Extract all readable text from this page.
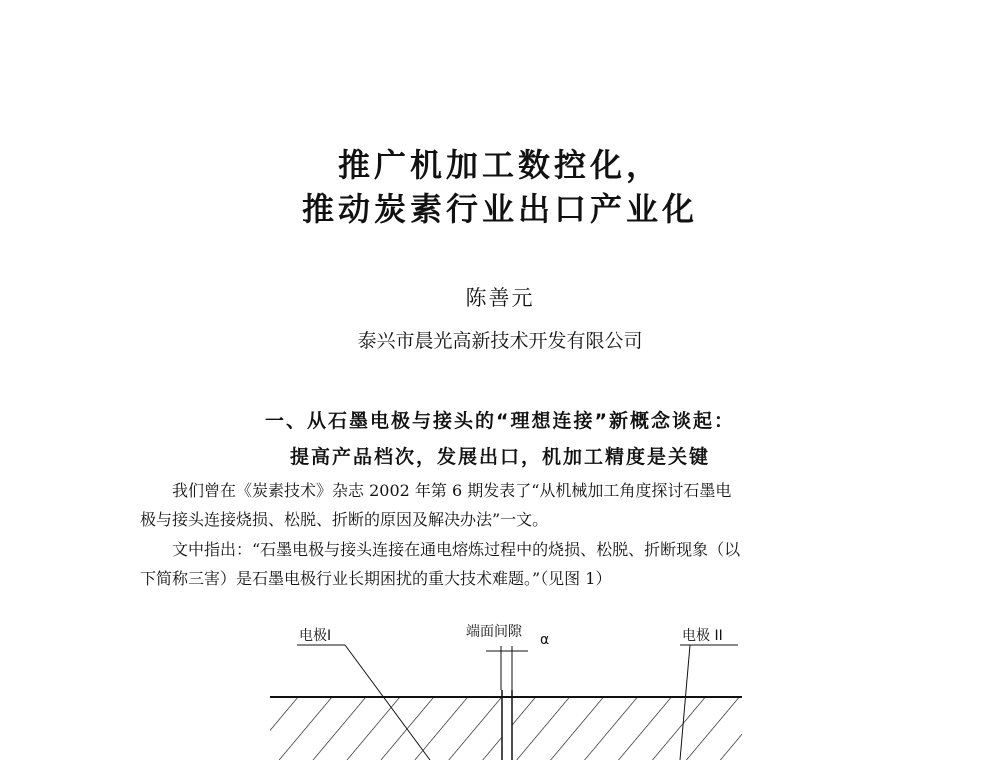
推广机加工数控化，
推动炭素行业出口产业化
陈善元
泰兴市晨光高新技术开发有限公司
一、从石墨电极与接头的“理想连接”新概念谈起：
提高产品档次，发展出口，机加工精度是关键
我们曾在《炭素技术》杂志 2002 年第 6 期发表了“从机械加工角度探讨石墨电
极与接头连接烧损、松脱、折断的原因及解决办法”一文。
文中指出：“石墨电极与接头连接在通电熔炼过程中的烧损、松脱、折断现象（以
下简称三害）是石墨电极行业长期困扰的重大技术难题。”（见图 1）
电极I	端面间隙 α	电极 II
